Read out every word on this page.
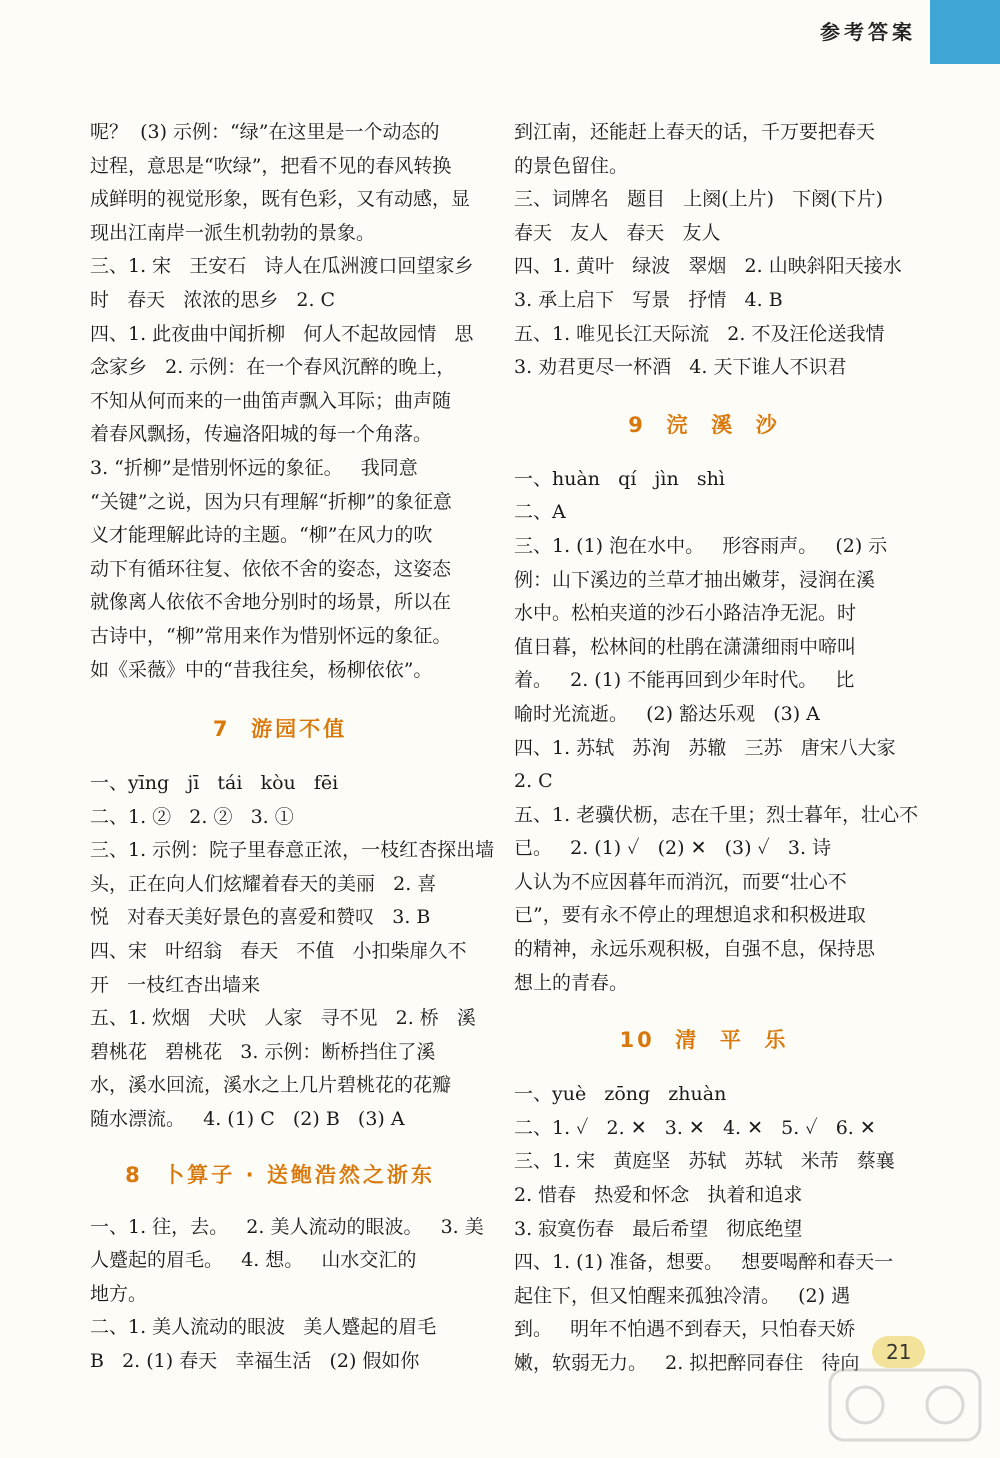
参考答案
呢？  (3) 示例：“绿”在这里是一个动态的
过程，意思是“吹绿”，把看不见的春风转换
成鲜明的视觉形象，既有色彩，又有动感，显
现出江南岸一派生机勃勃的景象。
三、1. 宋   王安石   诗人在瓜洲渡口回望家乡
时   春天   浓浓的思乡   2. C
四、1. 此夜曲中闻折柳   何人不起故园情   思
念家乡   2. 示例：在一个春风沉醉的晚上，
不知从何而来的一曲笛声飘入耳际；曲声随
着春风飘扬，传遍洛阳城的每一个角落。
3. “折柳”是惜别怀远的象征。   我同意
“关键”之说，因为只有理解“折柳”的象征意
义才能理解此诗的主题。“柳”在风力的吹
动下有循环往复、依依不舍的姿态，这姿态
就像离人依依不舍地分别时的场景，所以在
古诗中，“柳”常用来作为惜别怀远的象征。
如《采薇》中的“昔我往矣，杨柳依依”。
7  游园不值
一、yīng   jī   tái   kòu   fēi
二、1. ②   2. ②   3. ①
三、1. 示例：院子里春意正浓，一枝红杏探出墙
头，正在向人们炫耀着春天的美丽   2. 喜
悦   对春天美好景色的喜爱和赞叹   3. B
四、宋   叶绍翁   春天   不值   小扣柴扉久不
开   一枝红杏出墙来
五、1. 炊烟   犬吠   人家   寻不见   2. 桥   溪
碧桃花   碧桃花   3. 示例：断桥挡住了溪
水，溪水回流，溪水之上几片碧桃花的花瓣
随水漂流。   4. (1) C   (2) B   (3) A
8  卜算子 · 送鲍浩然之浙东
一、1. 往，去。   2. 美人流动的眼波。   3. 美
人蹙起的眉毛。   4. 想。   山水交汇的
地方。
二、1. 美人流动的眼波   美人蹙起的眉毛
B   2. (1) 春天   幸福生活   (2) 假如你
到江南，还能赶上春天的话，千万要把春天
的景色留住。
三、词牌名   题目   上阕(上片)   下阕(下片)
春天   友人   春天   友人
四、1. 黄叶   绿波   翠烟   2. 山映斜阳天接水
3. 承上启下   写景   抒情   4. B
五、1. 唯见长江天际流   2. 不及汪伦送我情
3. 劝君更尽一杯酒   4. 天下谁人不识君
9  浣  溪  沙
一、huàn   qí   jìn   shì
二、A
三、1. (1) 泡在水中。   形容雨声。   (2) 示
例：山下溪边的兰草才抽出嫩芽，浸润在溪
水中。松柏夹道的沙石小路洁净无泥。时
值日暮，松林间的杜鹃在潇潇细雨中啼叫
着。   2. (1) 不能再回到少年时代。   比
喻时光流逝。   (2) 豁达乐观   (3) A
四、1. 苏轼   苏洵   苏辙   三苏   唐宋八大家
2. C
五、1. 老骥伏枥，志在千里；烈士暮年，壮心不
已。   2. (1) ✓   (2) ✕   (3) ✓   3. 诗
人认为不应因暮年而消沉，而要“壮心不
已”，要有永不停止的理想追求和积极进取
的精神，永远乐观积极，自强不息，保持思
想上的青春。
10  清  平  乐
一、yuè   zōng   zhuàn
二、1. ✓   2. ✕   3. ✕   4. ✕   5. ✓   6. ✕
三、1. 宋   黄庭坚   苏轼   苏轼   米芾   蔡襄
2. 惜春   热爱和怀念   执着和追求
3. 寂寞伤春   最后希望   彻底绝望
四、1. (1) 准备，想要。   想要喝醉和春天一
起住下，但又怕醒来孤独冷清。   (2) 遇
到。   明年不怕遇不到春天，只怕春天娇
嫩，软弱无力。   2. 拟把醉同春住   待向	21
